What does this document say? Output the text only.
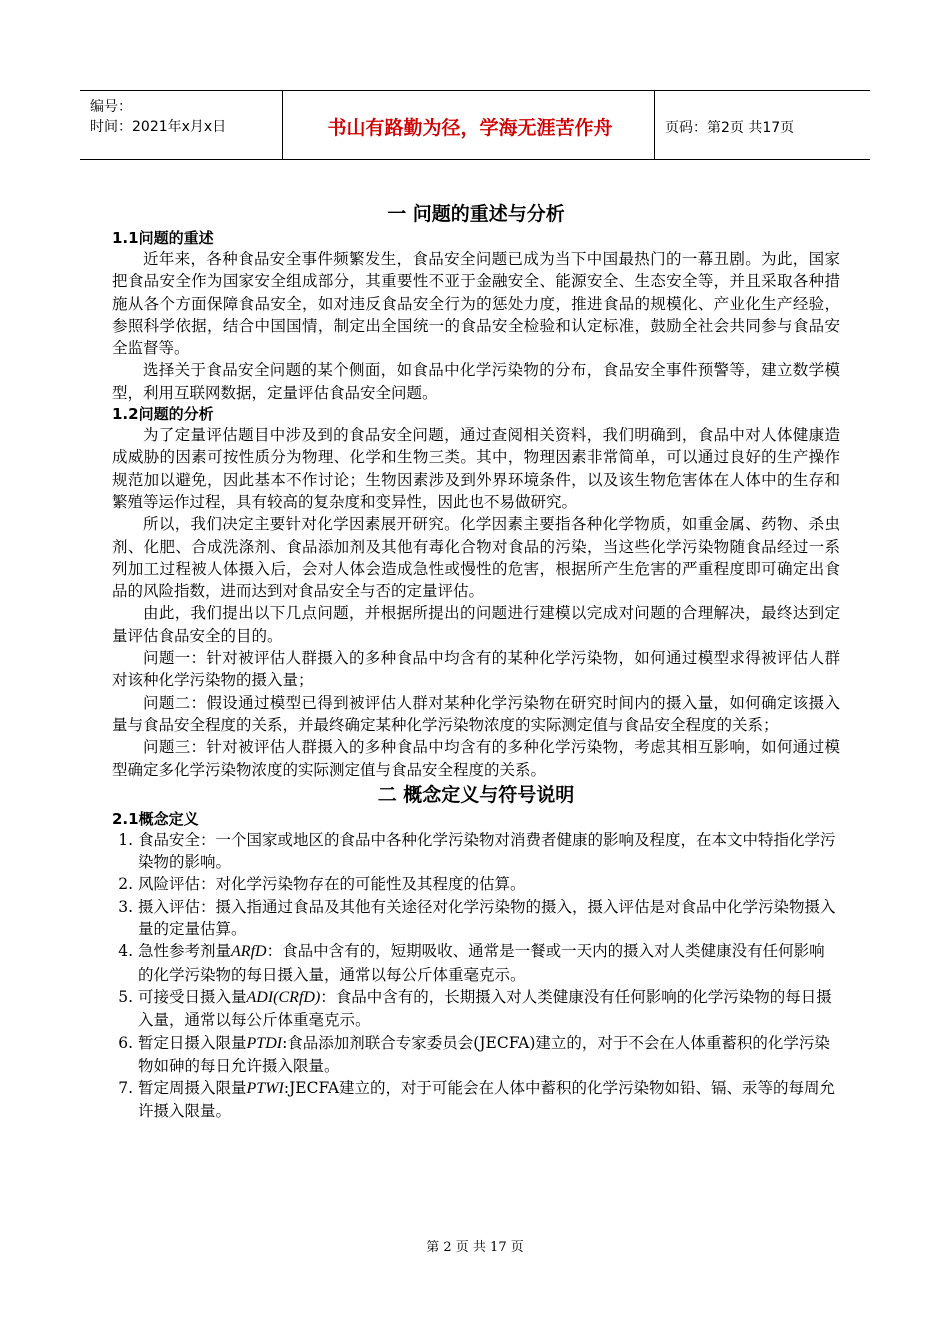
编号：
时间：2021年x月x日	书山有路勤为径，学海无涯苦作舟	页码：第2页 共17页
一 问题的重述与分析
1.1问题的重述

近年来，各种食品安全事件频繁发生，食品安全问题已成为当下中国最热门的一幕丑剧。为此，国家把食品安全作为国家安全组成部分，其重要性不亚于金融安全、能源安全、生态安全等，并且采取各种措施从各个方面保障食品安全，如对违反食品安全行为的惩处力度，推进食品的规模化、产业化生产经验，参照科学依据，结合中国国情，制定出全国统一的食品安全检验和认定标准，鼓励全社会共同参与食品安全监督等。

选择关于食品安全问题的某个侧面，如食品中化学污染物的分布，食品安全事件预警等，建立数学模型，利用互联网数据，定量评估食品安全问题。

1.2问题的分析

为了定量评估题目中涉及到的食品安全问题，通过查阅相关资料，我们明确到，食品中对人体健康造成威胁的因素可按性质分为物理、化学和生物三类。其中，物理因素非常简单，可以通过良好的生产操作规范加以避免，因此基本不作讨论；生物因素涉及到外界环境条件，以及该生物危害体在人体中的生存和繁殖等运作过程，具有较高的复杂度和变异性，因此也不易做研究。

所以，我们决定主要针对化学因素展开研究。化学因素主要指各种化学物质，如重金属、药物、杀虫剂、化肥、合成洗涤剂、食品添加剂及其他有毒化合物对食品的污染，当这些化学污染物随食品经过一系列加工过程被人体摄入后，会对人体会造成急性或慢性的危害，根据所产生危害的严重程度即可确定出食品的风险指数，进而达到对食品安全与否的定量评估。

由此，我们提出以下几点问题，并根据所提出的问题进行建模以完成对问题的合理解决，最终达到定量评估食品安全的目的。

问题一：针对被评估人群摄入的多种食品中均含有的某种化学污染物，如何通过模型求得被评估人群对该种化学污染物的摄入量；

问题二：假设通过模型已得到被评估人群对某种化学污染物在研究时间内的摄入量，如何确定该摄入量与食品安全程度的关系，并最终确定某种化学污染物浓度的实际测定值与食品安全程度的关系；

问题三：针对被评估人群摄入的多种食品中均含有的多种化学污染物，考虑其相互影响，如何通过模型确定多化学污染物浓度的实际测定值与食品安全程度的关系。

二 概念定义与符号说明
2.1概念定义
1. 食品安全：一个国家或地区的食品中各种化学污染物对消费者健康的影响及程度，在本文中特指化学污染物的影响。
2. 风险评估：对化学污染物存在的可能性及其程度的估算。
3. 摄入评估：摄入指通过食品及其他有关途径对化学污染物的摄入，摄入评估是对食品中化学污染物摄入量的定量估算。
4. 急性参考剂量ARfD：食品中含有的，短期吸收、通常是一餐或一天内的摄入对人类健康没有任何影响的化学污染物的每日摄入量，通常以每公斤体重毫克示。
5. 可接受日摄入量ADI(CRfD)：食品中含有的，长期摄入对人类健康没有任何影响的化学污染物的每日摄入量，通常以每公斤体重毫克示。
6. 暂定日摄入限量PTDI:食品添加剂联合专家委员会(JECFA)建立的，对于不会在人体重蓄积的化学污染物如砷的每日允许摄入限量。
7. 暂定周摄入限量PTWI:JECFA建立的，对于可能会在人体中蓄积的化学污染物如铅、镉、汞等的每周允许摄入限量。
第 2 页 共 17 页
